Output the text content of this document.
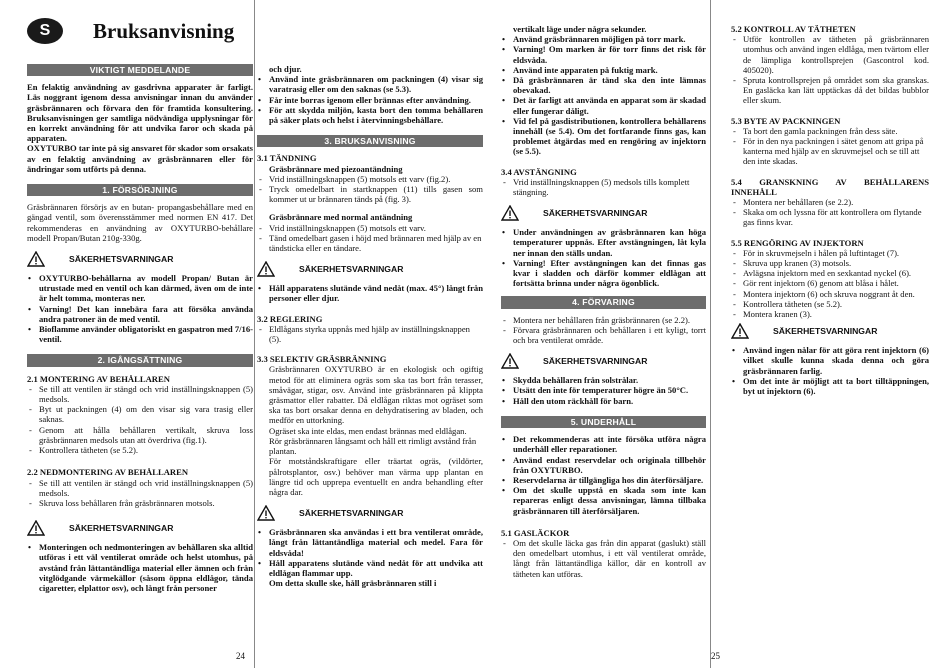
S	Bruksanvisning
VIKTIGT MEDDELANDE

En felaktig användning av gasdrivna apparater är farligt. Läs noggrant igenom dessa anvisningar innan du använder gräsbrännaren och förvara den för framtida konsultering. Bruksanvisningen ger samtliga nödvändiga upplysningar för en korrekt användning för att undvika faror och skada på apparaten.

OXYTURBO tar inte på sig ansvaret för skador som orsakats av en felaktig användning av gräsbrännaren eller för ändringar som utförts på denna.

1. FÖRSÖRJNING

Gräsbrännaren försörjs av en butan- propangasbehållare med en gängad ventil, som överensstämmer med normen EN 417. Det rekommenderas en användning av OXYTURBO-behållare modell Propan/Butan 210g-330g.

SÄKERHETSVARNINGAR
• OXYTURBO-behållarna av modell Propan/ Butan är utrustade med en ventil och kan därmed, även om de inte är helt tomma, monteras ner.
• Varning! Det kan innebära fara att försöka använda andra patroner än de med ventil.
• Bioflamme använder obligatoriskt en gaspatron med 7/16-ventil.
2. IGÅNGSÄTTNING
2.1 MONTERING AV BEHÅLLAREN
- Se till att ventilen är stängd och vrid inställningsknappen (5) medsols.
- Byt ut packningen (4) om den visar sig vara trasig eller saknas.
- Genom att hålla behållaren vertikalt, skruva loss gräsbrännaren medsols utan att överdriva (fig.1).
- Kontrollera tätheten (se 5.2).
2.2 NEDMONTERING AV BEHÅLLAREN
- Se till att ventilen är stängd och vrid inställningsknappen (5) medsols.
- Skruva loss behållaren från gräsbrännaren motsols.
SÄKERHETSVARNINGAR
• Monteringen och nedmonteringen av behållaren ska alltid utföras i ett väl ventilerat område och helst utomhus, på avstånd från lättantändliga material eller ämnen och från vitglödgande värmekällor (såsom öppna eldlågor, tända cigaretter, elplattor osv), och långt från personer

och djur.

• Använd inte gräsbrännaren om packningen (4) visar sig varatrasig eller om den saknas (se 5.3).
• Får inte borras igenom eller brännas efter användning.
• För att skydda miljön, kasta bort den tomma behållaren på säker plats och helst i återvinningsbehållare.
3. BRUKSANVISNING
3.1 TÄNDNING
Gräsbrännare med piezoantändning
- Vrid inställningsknappen (5) motsols ett varv (fig.2).
- Tryck omedelbart in startknappen (11) tills gasen som kommer ut ur brännaren tänds på (fig. 3).
Gräsbrännare med normal antändning
- Vrid inställningsknappen (5) motsols ett varv.
- Tänd omedelbart gasen i höjd med brännaren med hjälp av en tändsticka eller en tändare.
SÄKERHETSVARNINGAR
• Håll apparatens slutände vänd nedåt (max. 45°) långt från personer eller djur.
3.2 REGLERING
- Eldlågans styrka uppnås med hjälp av inställningsknappen (5).
3.3 SELEKTIV GRÄSBRÄNNING

Gräsbrännaren OXYTURBO är en ekologisk och ogiftig metod för att eliminera ogräs som ska tas bort från terasser, småvägar, stigar, osv. Använd inte gräsbrännaren på klippta gräsmattor eller rabatter. Då eldlågan riktas mot ogräset som ska tas bort orsakar denna en dehydratisering av bladen, och medför en uttorkning.

Ogräset ska inte eldas, men endast brännas med eldlågan.

Rör gräsbrännaren långsamt och håll ett rimligt avstånd från plantan.

För motståndskraftigare eller träartat ogräs, (vildörter, pålrotsplantor, osv.) behöver man värma upp plantan en längre tid och upprepa eventuellt en andra behandling efter några dar.

SÄKERHETSVARNINGAR
• Gräsbrännaren ska användas i ett bra ventilerat område, långt från lättantändliga material och medel. Fara för eldsvåda!
• Håll apparatens slutände vänd nedåt för att undvika att eldlågan flammar upp.

Om detta skulle ske, håll gräsbrännaren still i

vertikalt läge under några sekunder.

• Använd gräsbrännaren möjligen på torr mark.
• Varning! Om marken är för torr finns det risk för eldsvåda.
• Använd inte apparaten på fuktig mark.
• Då gräsbrännaren är tänd ska den inte lämnas obevakad.
• Det är farligt att använda en apparat som är skadad eller fungerar dåligt.
• Vid fel på gasdistributionen, kontrollera behållarens innehåll (se 5.4). Om det fortfarande finns gas, kan problemet åtgärdas med en rengöring av injektorn (se 5.5).
3.4 AVSTÄNGNING
- Vrid inställningsknappen (5) medsols tills komplett stängning.
SÄKERHETSVARNINGAR
• Under användningen av gräsbrännaren kan höga temperaturer uppnås. Efter avstängningen, låt kyla ner innan den ställs undan.
• Varning! Efter avstängningen kan det finnas gas kvar i sladden och därför kommer eldlågan att fortsätta brinna under några ögonblick.
4. FÖRVARING
- Montera ner behållaren från gräsbrännaren (se 2.2).
- Förvara gräsbrännaren och behållaren i ett kyligt, torrt och bra ventilerat område.
SÄKERHETSVARNINGAR
• Skydda behållaren från solstrålar.
• Utsätt den inte för temperaturer högre än 50°C.
• Håll den utom räckhåll för barn.
5. UNDERHÅLL
• Det rekommenderas att inte försöka utföra några underhåll eller reparationer.
• Använd endast reservdelar och originala tillbehör från OXYTURBO.
• Reservdelarna är tillgängliga hos din återförsäljare.
• Om det skulle uppstå en skada som inte kan repareras enligt dessa anvisningar, lämna tillbaka gräsbrännaren till återförsäljaren.
5.1 GASLÄCKOR
- Om det skulle läcka gas från din apparat (gaslukt) ställ den omedelbart utomhus, i ett väl ventilerat område, långt från lättantändliga källor, där en kontroll av tätheten kan utföras.
5.2 KONTROLL AV TÄTHETEN
- Utför kontrollen av tätheten på gräsbrännaren utomhus och använd ingen eldlåga, men tvärtom eller de lämpliga kontrollsprejen (Gascontrol kod. 405020).
- Spruta kontrollsprejen på området som ska granskas. En gasläcka kan lätt upptäckas då det bildas bubblor eller skum.
5.3 BYTE AV PACKNINGEN
- Ta bort den gamla packningen från dess säte.
- För in den nya packningen i sätet genom att gripa på kanterna med hjälp av en skruvmejsel och se till att den inte skadas.
5.4 GRANSKNING AV BEHÅLLARENS INNEHÅLL
- Montera ner behållaren (se 2.2).
- Skaka om och lyssna för att kontrollera om flytande gas finns kvar.
5.5 RENGÖRING AV INJEKTORN
- För in skruvmejseln i hålen på luftintaget (7).
- Skruva upp kranen (3) motsols.
- Avlägsna injektorn med en sexkantad nyckel (6).
- Gör rent injektorn (6) genom att blåsa i hålet.
- Montera injektorn (6) och skruva noggrant åt den.
- Kontrollera tätheten (se 5.2).
- Montera kranen (3).
SÄKERHETSVARNINGAR
• Använd ingen nålar för att göra rent injektorn (6) vilket skulle kunna skada denna och göra gräsbrännaren farlig.
• Om det inte är möjligt att ta bort tilltäppningen, byt ut injektorn (6).
24	25
